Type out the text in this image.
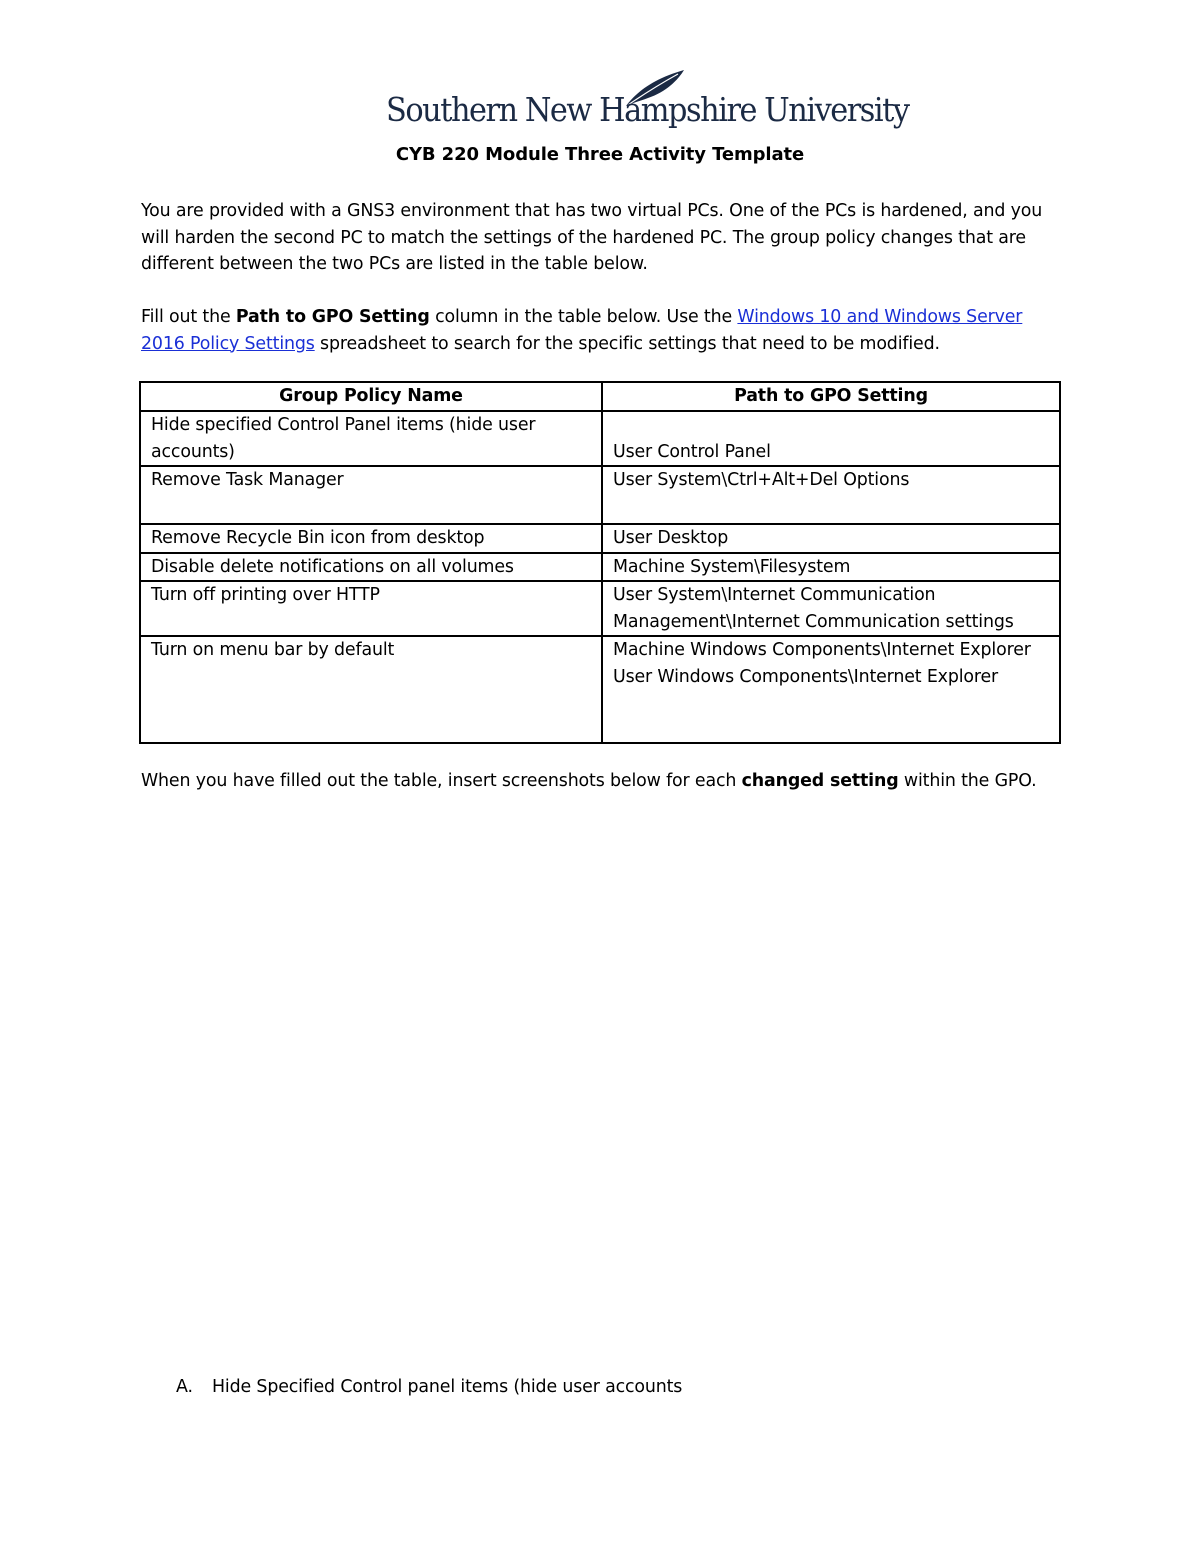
Southern New Hampshire University
CYB 220 Module Three Activity Template
You are provided with a GNS3 environment that has two virtual PCs. One of the PCs is hardened, and you will harden the second PC to match the settings of the hardened PC. The group policy changes that are different between the two PCs are listed in the table below.
Fill out the Path to GPO Setting column in the table below. Use the Windows 10 and Windows Server 2016 Policy Settings spreadsheet to search for the specific settings that need to be modified.
Group Policy Name	Path to GPO Setting
Hide specified Control Panel items (hide user accounts)	User Control Panel
Remove Task Manager	User System\Ctrl+Alt+Del Options
Remove Recycle Bin icon from desktop	User Desktop
Disable delete notifications on all volumes	Machine System\Filesystem
Turn off printing over HTTP	User System\Internet Communication Management\Internet Communication settings
Turn on menu bar by default	Machine Windows Components\Internet Explorer
User Windows Components\Internet Explorer
When you have filled out the table, insert screenshots below for each changed setting within the GPO.
A. Hide Specified Control panel items (hide user accounts
